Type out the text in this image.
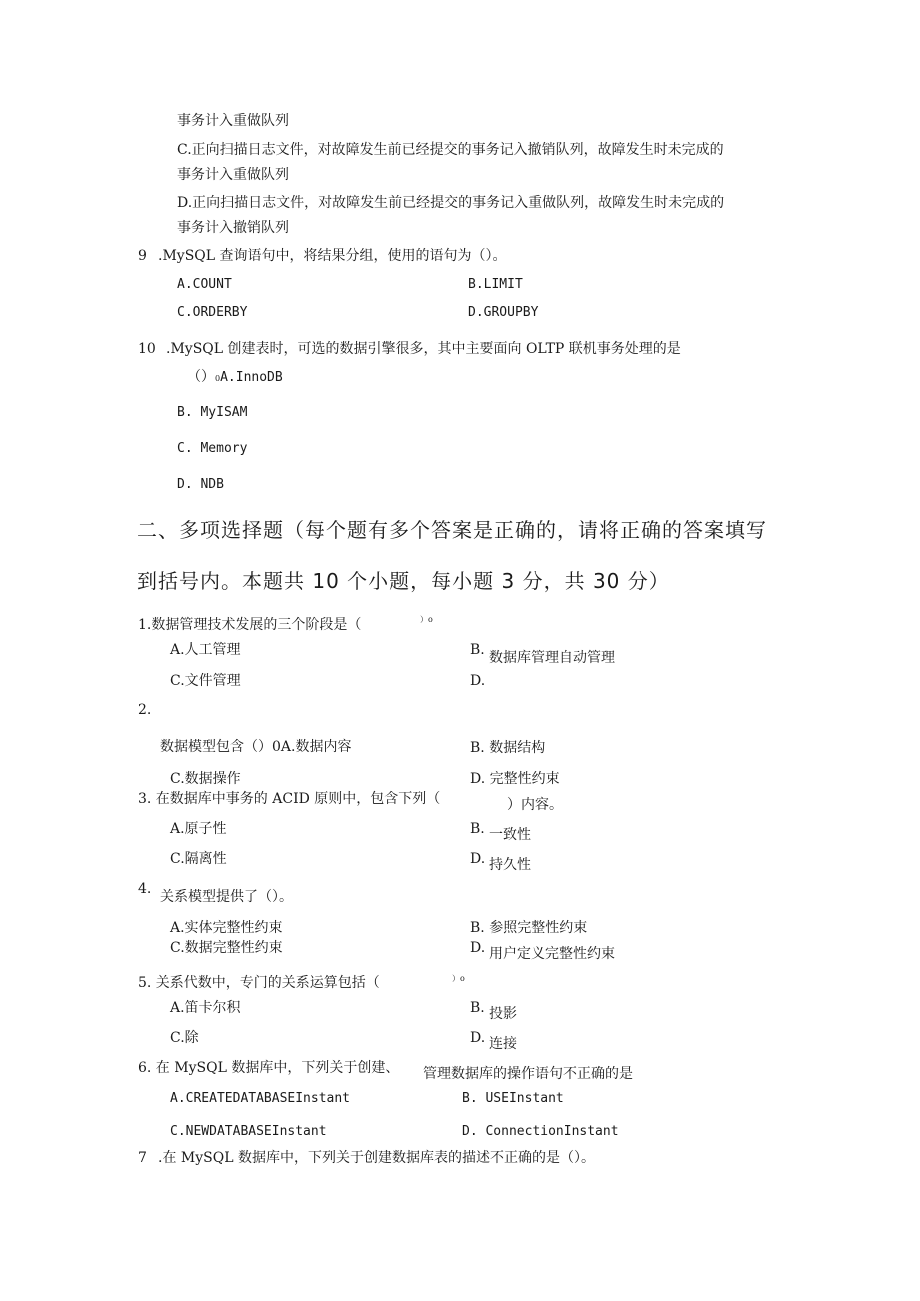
事务计入重做队列
C.正向扫描日志文件，对故障发生前已经提交的事务记入撤销队列，故障发生时未完成的
事务计入重做队列
D.正向扫描日志文件，对故障发生前已经提交的事务记入重做队列，故障发生时未完成的
事务计入撤销队列
9 .MySQL 查询语句中，将结果分组，使用的语句为（）。
A.COUNT	B.LIMIT
C.ORDERBY	D.GROUPBY
10 .MySQL 创建表时，可选的数据引擎很多，其中主要面向 OLTP 联机事务处理的是
（）0A.InnoDB
B. MyISAM
C. Memory
D. NDB
二、多项选择题（每个题有多个答案是正确的，请将正确的答案填写
到括号内。本题共 10 个小题，每小题 3 分，共 30 分）
1.数据管理技术发展的三个阶段是（	）o
A.人工管理	B. 数据库管理自动管理
C.文件管理	D.
2.
数据模型包含（）0A.数据内容	B. 数据结构
C.数据操作	D. 完整性约束
3. 在数据库中事务的 ACID 原则中，包含下列（	）内容。
A.原子性	B. 一致性
C.隔离性	D. 持久性
4. 关系模型提供了（）。
A.实体完整性约束	B. 参照完整性约束
C.数据完整性约束	D. 用户定义完整性约束
5. 关系代数中，专门的关系运算包括（	）o
A.笛卡尔积	B. 投影
C.除	D. 连接
6. 在 MySQL 数据库中，下列关于创建、 管理数据库的操作语句不正确的是
A.CREATEDATABASEInstant	B. USEInstant
C.NEWDATABASEInstant	D. ConnectionInstant
7 .在 MySQL 数据库中，下列关于创建数据库表的描述不正确的是（）。
